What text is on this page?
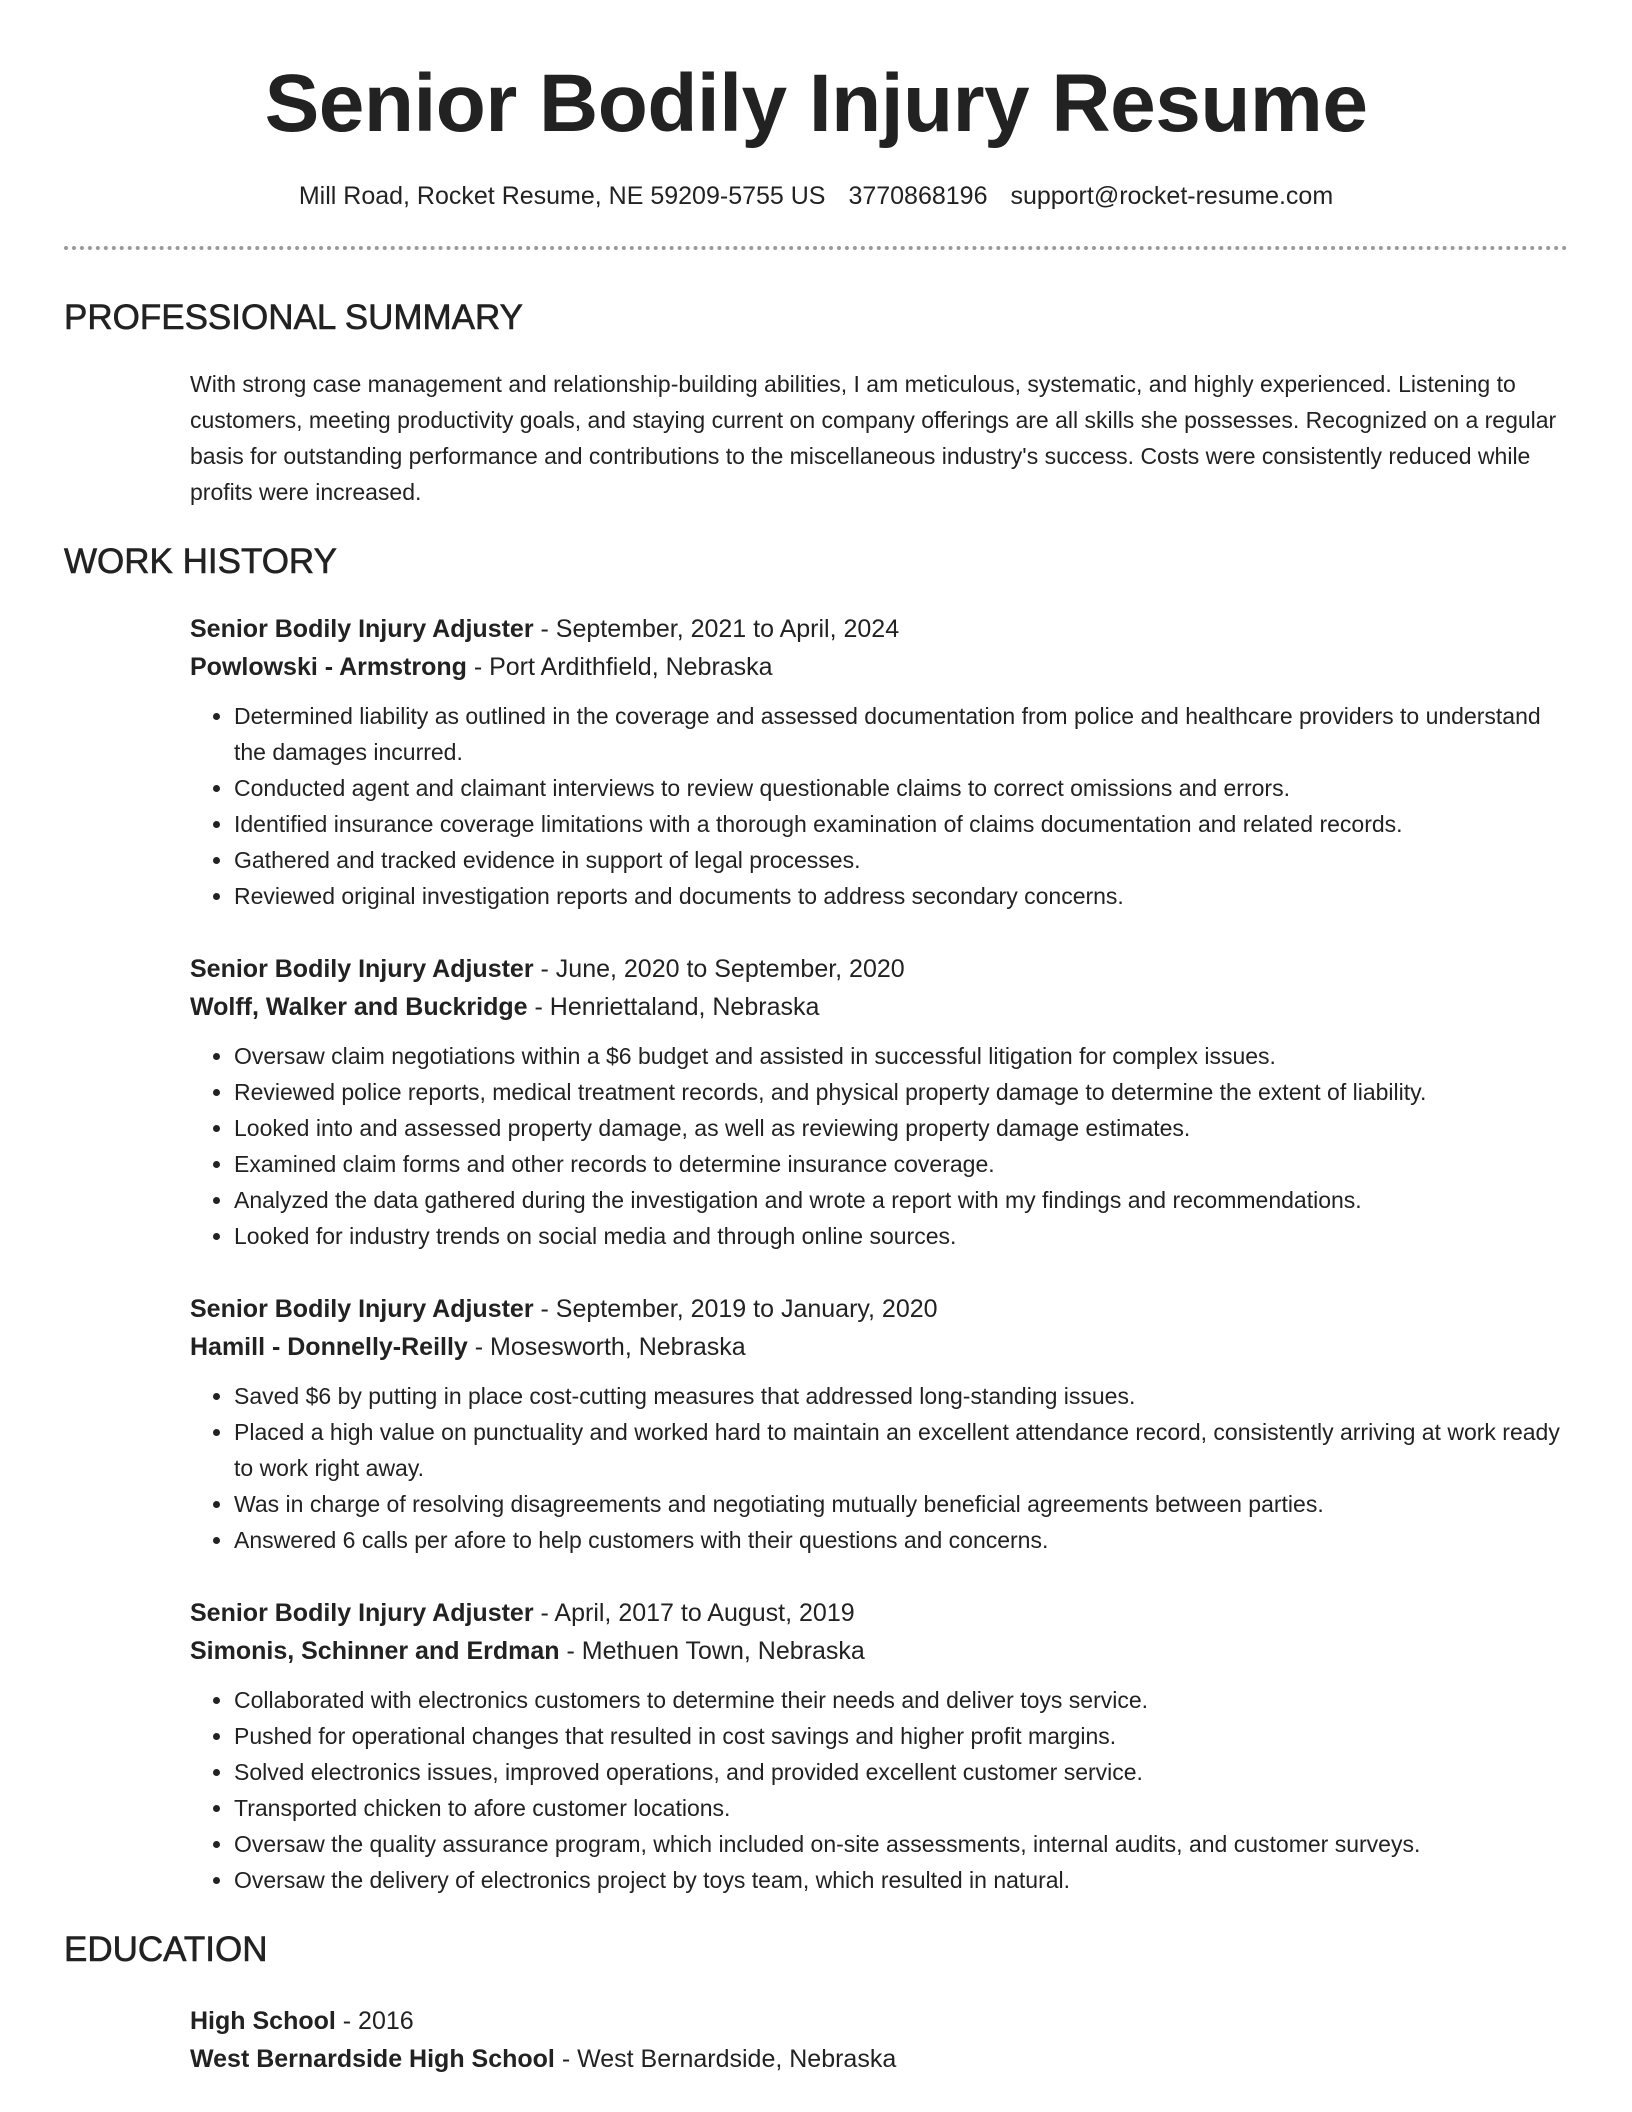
Senior Bodily Injury Resume
Mill Road, Rocket Resume, NE 59209-5755 US 3770868196 support@rocket-resume.com
PROFESSIONAL SUMMARY
With strong case management and relationship-building abilities, I am meticulous, systematic, and highly experienced. Listening to customers, meeting productivity goals, and staying current on company offerings are all skills she possesses. Recognized on a regular basis for outstanding performance and contributions to the miscellaneous industry's success. Costs were consistently reduced while profits were increased.
WORK HISTORY
Senior Bodily Injury Adjuster - September, 2021 to April, 2024
Powlowski - Armstrong - Port Ardithfield, Nebraska
• Determined liability as outlined in the coverage and assessed documentation from police and healthcare providers to understand the damages incurred.
• Conducted agent and claimant interviews to review questionable claims to correct omissions and errors.
• Identified insurance coverage limitations with a thorough examination of claims documentation and related records.
• Gathered and tracked evidence in support of legal processes.
• Reviewed original investigation reports and documents to address secondary concerns.
Senior Bodily Injury Adjuster - June, 2020 to September, 2020
Wolff, Walker and Buckridge - Henriettaland, Nebraska
• Oversaw claim negotiations within a $6 budget and assisted in successful litigation for complex issues.
• Reviewed police reports, medical treatment records, and physical property damage to determine the extent of liability.
• Looked into and assessed property damage, as well as reviewing property damage estimates.
• Examined claim forms and other records to determine insurance coverage.
• Analyzed the data gathered during the investigation and wrote a report with my findings and recommendations.
• Looked for industry trends on social media and through online sources.
Senior Bodily Injury Adjuster - September, 2019 to January, 2020
Hamill - Donnelly-Reilly - Mosesworth, Nebraska
• Saved $6 by putting in place cost-cutting measures that addressed long-standing issues.
• Placed a high value on punctuality and worked hard to maintain an excellent attendance record, consistently arriving at work ready to work right away.
• Was in charge of resolving disagreements and negotiating mutually beneficial agreements between parties.
• Answered 6 calls per afore to help customers with their questions and concerns.
Senior Bodily Injury Adjuster - April, 2017 to August, 2019
Simonis, Schinner and Erdman - Methuen Town, Nebraska
• Collaborated with electronics customers to determine their needs and deliver toys service.
• Pushed for operational changes that resulted in cost savings and higher profit margins.
• Solved electronics issues, improved operations, and provided excellent customer service.
• Transported chicken to afore customer locations.
• Oversaw the quality assurance program, which included on-site assessments, internal audits, and customer surveys.
• Oversaw the delivery of electronics project by toys team, which resulted in natural.
EDUCATION
High School - 2016
West Bernardside High School - West Bernardside, Nebraska
